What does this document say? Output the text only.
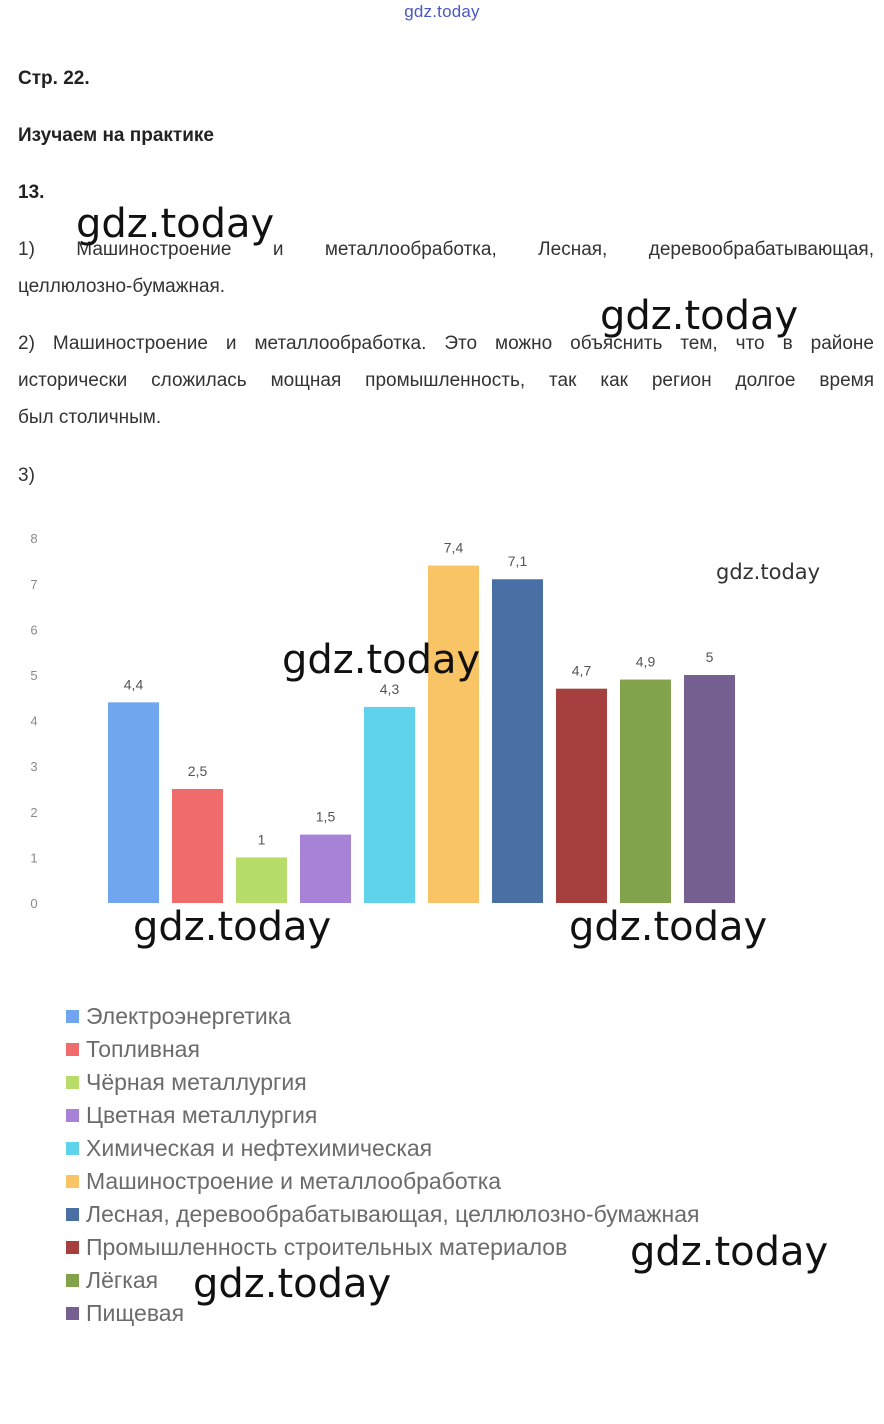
gdz.today
Стр. 22.
Изучаем на практике
13.
1) Машиностроение и металлообработка, Лесная, деревообрабатывающая,
целлюлозно-бумажная.
2) Машиностроение и металлообработка. Это можно объяснить тем, что в районе
исторически сложилась мощная промышленность, так как регион долгое время
был столичным.
3)
0
1
2
3
4
5
6
7
8
4,4
2,5
1
1,5
4,3
7,4
7,1
4,7
4,9	5
Электроэнергетика
Топливная
Чёрная металлургия
Цветная металлургия
Химическая и нефтехимическая
Машиностроение и металлообработка
Лесная, деревообрабатывающая, целлюлозно-бумажная
Промышленность строительных материалов
Лёгкая
Пищевая
gdz.today
gdz.today
gdz.today
gdz.today
gdz.today	gdz.today
gdz.today
gdz.today
